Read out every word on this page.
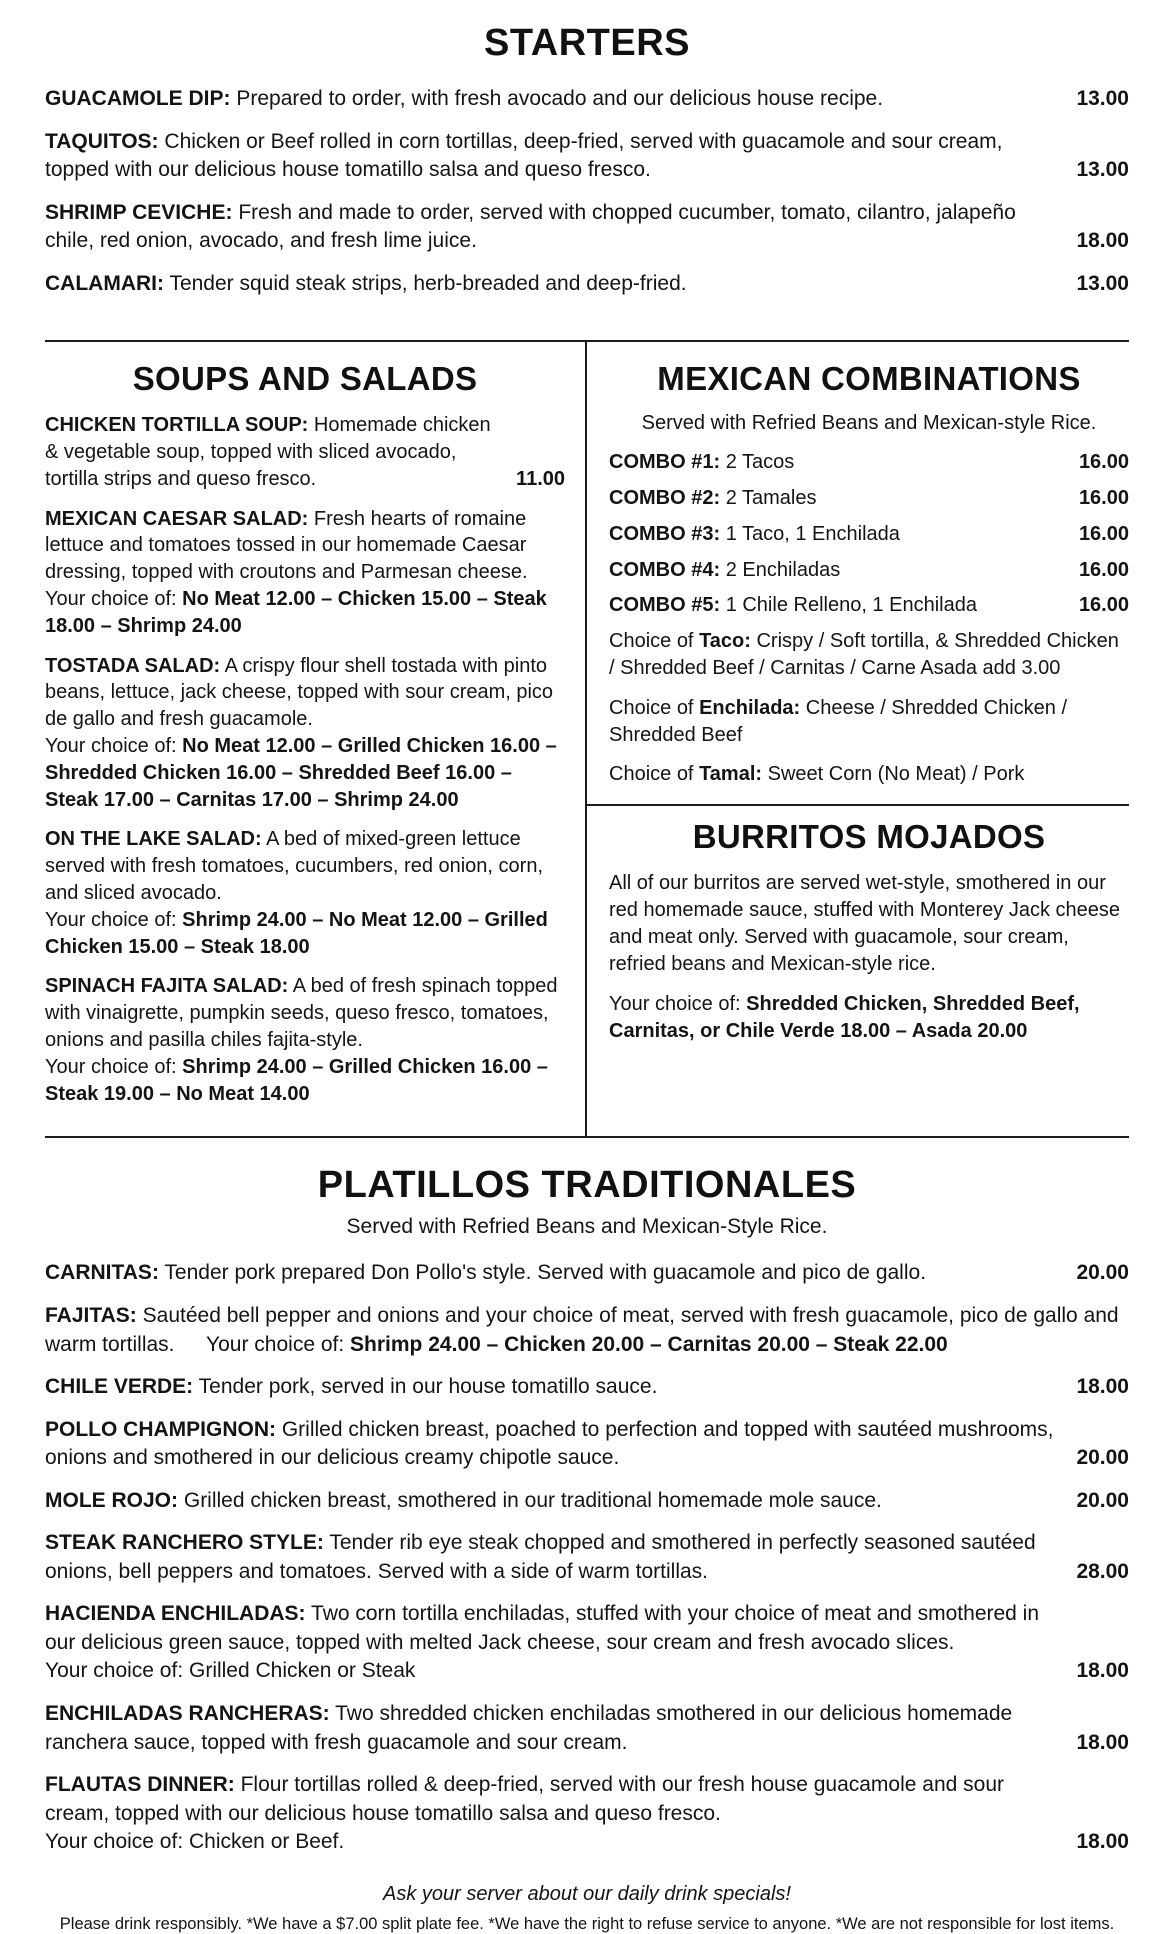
STARTERS

GUACAMOLE DIP: Prepared to order, with fresh avocado and our delicious house recipe.	13.00

TAQUITOS: Chicken or Beef rolled in corn tortillas, deep-fried, served with guacamole and sour cream, topped with our delicious house tomatillo salsa and queso fresco.	13.00

SHRIMP CEVICHE: Fresh and made to order, served with chopped cucumber, tomato, cilantro, jalapeño chile, red onion, avocado, and fresh lime juice.	18.00

CALAMARI: Tender squid steak strips, herb-breaded and deep-fried.	13.00
SOUPS AND SALADS

CHICKEN TORTILLA SOUP: Homemade chicken & vegetable soup, topped with sliced avocado, tortilla strips and queso fresco.	11.00

MEXICAN CAESAR SALAD: Fresh hearts of romaine lettuce and tomatoes tossed in our homemade Caesar dressing, topped with croutons and Parmesan cheese.

Your choice of: No Meat 12.00 – Chicken 15.00 – Steak 18.00 – Shrimp 24.00

TOSTADA SALAD: A crispy flour shell tostada with pinto beans, lettuce, jack cheese, topped with sour cream, pico de gallo and fresh guacamole.

Your choice of: No Meat 12.00 – Grilled Chicken 16.00 – Shredded Chicken 16.00 – Shredded Beef 16.00 – Steak 17.00 – Carnitas 17.00 – Shrimp 24.00

ON THE LAKE SALAD: A bed of mixed-green lettuce served with fresh tomatoes, cucumbers, red onion, corn, and sliced avocado.

Your choice of: Shrimp 24.00 – No Meat 12.00 – Grilled Chicken 15.00 – Steak 18.00

SPINACH FAJITA SALAD: A bed of fresh spinach topped with vinaigrette, pumpkin seeds, queso fresco, tomatoes, onions and pasilla chiles fajita-style.

Your choice of: Shrimp 24.00 – Grilled Chicken 16.00 – Steak 19.00 – No Meat 14.00

MEXICAN COMBINATIONS

Served with Refried Beans and Mexican-style Rice.

COMBO #1: 2 Tacos	16.00

COMBO #2: 2 Tamales	16.00

COMBO #3: 1 Taco, 1 Enchilada	16.00

COMBO #4: 2 Enchiladas	16.00

COMBO #5: 1 Chile Relleno, 1 Enchilada	16.00

Choice of Taco: Crispy / Soft tortilla, & Shredded Chicken / Shredded Beef / Carnitas / Carne Asada add 3.00

Choice of Enchilada: Cheese / Shredded Chicken / Shredded Beef

Choice of Tamal: Sweet Corn (No Meat) / Pork

BURRITOS MOJADOS

All of our burritos are served wet-style, smothered in our red homemade sauce, stuffed with Monterey Jack cheese and meat only. Served with guacamole, sour cream, refried beans and Mexican-style rice.

Your choice of: Shredded Chicken, Shredded Beef, Carnitas, or Chile Verde 18.00 – Asada 20.00

PLATILLOS TRADITIONALES

Served with Refried Beans and Mexican-Style Rice.

CARNITAS: Tender pork prepared Don Pollo's style. Served with guacamole and pico de gallo.	20.00

FAJITAS: Sautéed bell pepper and onions and your choice of meat, served with fresh guacamole, pico de gallo and warm tortillas.    Your choice of: Shrimp 24.00 – Chicken 20.00 – Carnitas 20.00 – Steak 22.00

CHILE VERDE: Tender pork, served in our house tomatillo sauce.	18.00

POLLO CHAMPIGNON: Grilled chicken breast, poached to perfection and topped with sautéed mushrooms, onions and smothered in our delicious creamy chipotle sauce.	20.00

MOLE ROJO: Grilled chicken breast, smothered in our traditional homemade mole sauce.	20.00

STEAK RANCHERO STYLE: Tender rib eye steak chopped and smothered in perfectly seasoned sautéed onions, bell peppers and tomatoes. Served with a side of warm tortillas.	28.00

HACIENDA ENCHILADAS: Two corn tortilla enchiladas, stuffed with your choice of meat and smothered in our delicious green sauce, topped with melted Jack cheese, sour cream and fresh avocado slices.

Your choice of: Grilled Chicken or Steak	18.00

ENCHILADAS RANCHERAS: Two shredded chicken enchiladas smothered in our delicious homemade ranchera sauce, topped with fresh guacamole and sour cream.	18.00

FLAUTAS DINNER: Flour tortillas rolled & deep-fried, served with our fresh house guacamole and sour cream, topped with our delicious house tomatillo salsa and queso fresco.

Your choice of: Chicken or Beef.	18.00

Ask your server about our daily drink specials!

Please drink responsibly. *We have a $7.00 split plate fee. *We have the right to refuse service to anyone. *We are not responsible for lost items.
